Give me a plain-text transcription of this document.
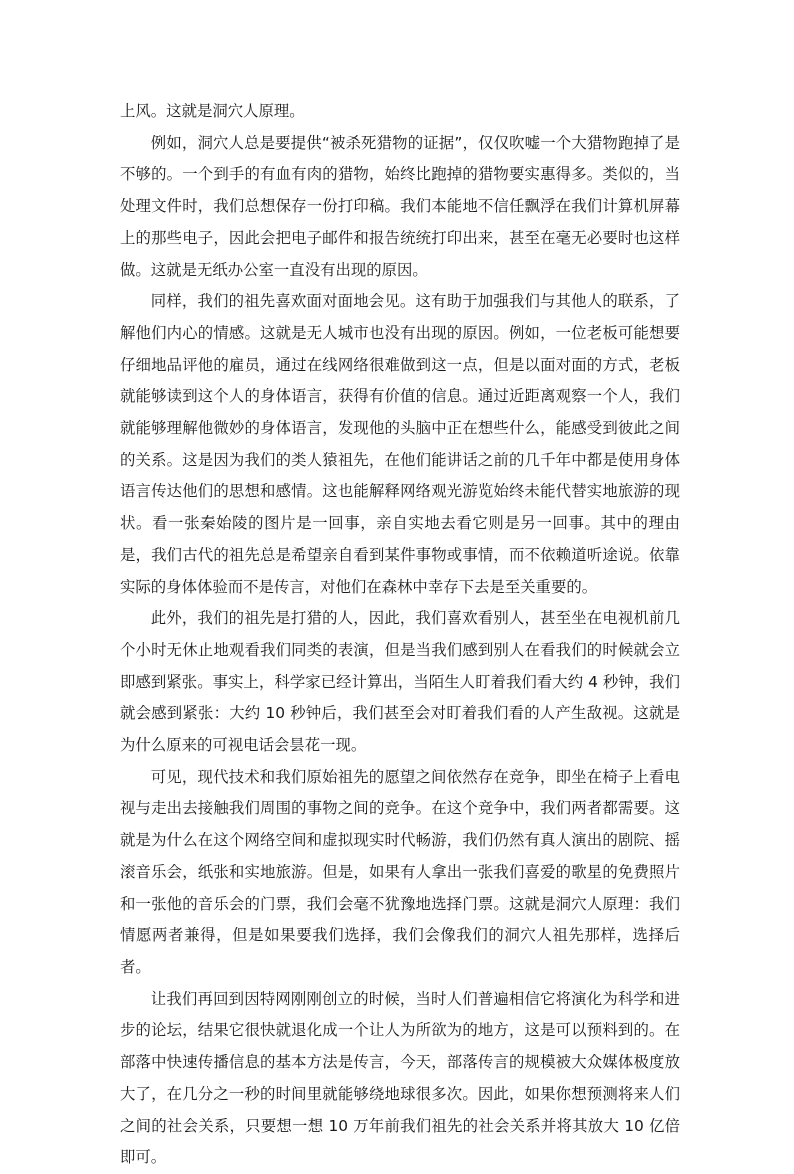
上风。这就是洞穴人原理。

例如，洞穴人总是要提供“被杀死猎物的证据”，仅仅吹嘘一个大猎物跑掉了是不够的。一个到手的有血有肉的猎物，始终比跑掉的猎物要实惠得多。类似的，当处理文件时，我们总想保存一份打印稿。我们本能地不信任飘浮在我们计算机屏幕上的那些电子，因此会把电子邮件和报告统统打印出来，甚至在毫无必要时也这样做。这就是无纸办公室一直没有出现的原因。

同样，我们的祖先喜欢面对面地会见。这有助于加强我们与其他人的联系，了解他们内心的情感。这就是无人城市也没有出现的原因。例如，一位老板可能想要仔细地品评他的雇员，通过在线网络很难做到这一点，但是以面对面的方式，老板就能够读到这个人的身体语言，获得有价值的信息。通过近距离观察一个人，我们就能够理解他微妙的身体语言，发现他的头脑中正在想些什么，能感受到彼此之间的关系。这是因为我们的类人猿祖先，在他们能讲话之前的几千年中都是使用身体语言传达他们的思想和感情。这也能解释网络观光游览始终未能代替实地旅游的现状。看一张秦始陵的图片是一回事，亲自实地去看它则是另一回事。其中的理由是，我们古代的祖先总是希望亲自看到某件事物或事情，而不依赖道听途说。依靠实际的身体体验而不是传言，对他们在森林中幸存下去是至关重要的。

此外，我们的祖先是打猎的人，因此，我们喜欢看别人，甚至坐在电视机前几个小时无休止地观看我们同类的表演，但是当我们感到别人在看我们的时候就会立即感到紧张。事实上，科学家已经计算出，当陌生人盯着我们看大约 4 秒钟，我们就会感到紧张：大约 10 秒钟后，我们甚至会对盯着我们看的人产生敌视。这就是为什么原来的可视电话会昙花一现。

可见，现代技术和我们原始祖先的愿望之间依然存在竞争，即坐在椅子上看电视与走出去接触我们周围的事物之间的竞争。在这个竞争中，我们两者都需要。这就是为什么在这个网络空间和虚拟现实时代畅游，我们仍然有真人演出的剧院、摇滚音乐会，纸张和实地旅游。但是，如果有人拿出一张我们喜爱的歌星的免费照片和一张他的音乐会的门票，我们会毫不犹豫地选择门票。这就是洞穴人原理：我们情愿两者兼得，但是如果要我们选择，我们会像我们的洞穴人祖先那样，选择后者。

让我们再回到因特网刚刚创立的时候，当时人们普遍相信它将演化为科学和进步的论坛，结果它很快就退化成一个让人为所欲为的地方，这是可以预料到的。在部落中快速传播信息的基本方法是传言，今天，部落传言的规模被大众媒体极度放大了，在几分之一秒的时间里就能够绕地球很多次。因此，如果你想预测将来人们之间的社会关系，只要想一想 10 万年前我们祖先的社会关系并将其放大 10 亿倍即可。
